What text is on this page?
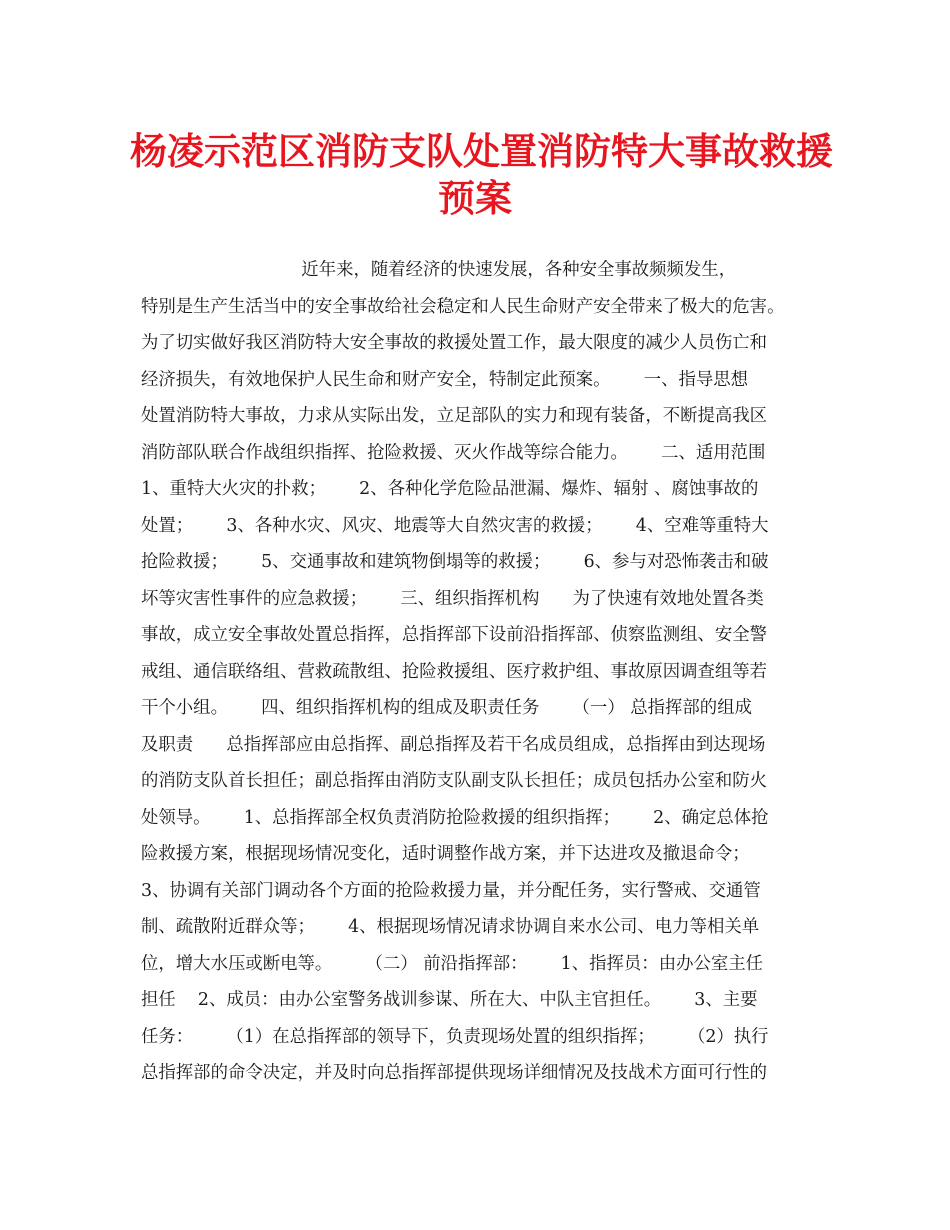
杨凌示范区消防支队处置消防特大事故救援
预案
近年来，随着经济的快速发展，各种安全事故频频发生，
特别是生产生活当中的安全事故给社会稳定和人民生命财产安全带来了极大的危害。
为了切实做好我区消防特大安全事故的救援处置工作，最大限度的减少人员伤亡和
经济损失，有效地保护人民生命和财产安全，特制定此预案。      一、指导思想
处置消防特大事故，力求从实际出发，立足部队的实力和现有装备，不断提高我区
消防部队联合作战组织指挥、抢险救援、灭火作战等综合能力。      二、适用范围
1、重特大火灾的扑救；      2、各种化学危险品泄漏、爆炸、辐射 、腐蚀事故的
处置；      3、各种水灾、风灾、地震等大自然灾害的救援；      4、空难等重特大
抢险救援；      5、交通事故和建筑物倒塌等的救援；      6、参与对恐怖袭击和破
坏等灾害性事件的应急救援；      三、组织指挥机构      为了快速有效地处置各类
事故，成立安全事故处置总指挥，总指挥部下设前沿指挥部、侦察监测组、安全警
戒组、通信联络组、营救疏散组、抢险救援组、医疗救护组、事故原因调查组等若
干个小组。      四、组织指挥机构的组成及职责任务      （一） 总指挥部的组成
及职责      总指挥部应由总指挥、副总指挥及若干名成员组成，总指挥由到达现场
的消防支队首长担任；副总指挥由消防支队副支队长担任；成员包括办公室和防火
处领导。      1、总指挥部全权负责消防抢险救援的组织指挥；      2、确定总体抢
险救援方案，根据现场情况变化，适时调整作战方案，并下达进攻及撤退命令；
3、协调有关部门调动各个方面的抢险救援力量，并分配任务，实行警戒、交通管
制、疏散附近群众等；      4、根据现场情况请求协调自来水公司、电力等相关单
位，增大水压或断电等。      （二） 前沿指挥部：      1、指挥员：由办公室主任
担任    2、成员：由办公室警务战训参谋、所在大、中队主官担任。      3、主要
任务：      （1）在总指挥部的领导下，负责现场处置的组织指挥；      （2）执行
总指挥部的命令决定，并及时向总指挥部提供现场详细情况及技战术方面可行性的
